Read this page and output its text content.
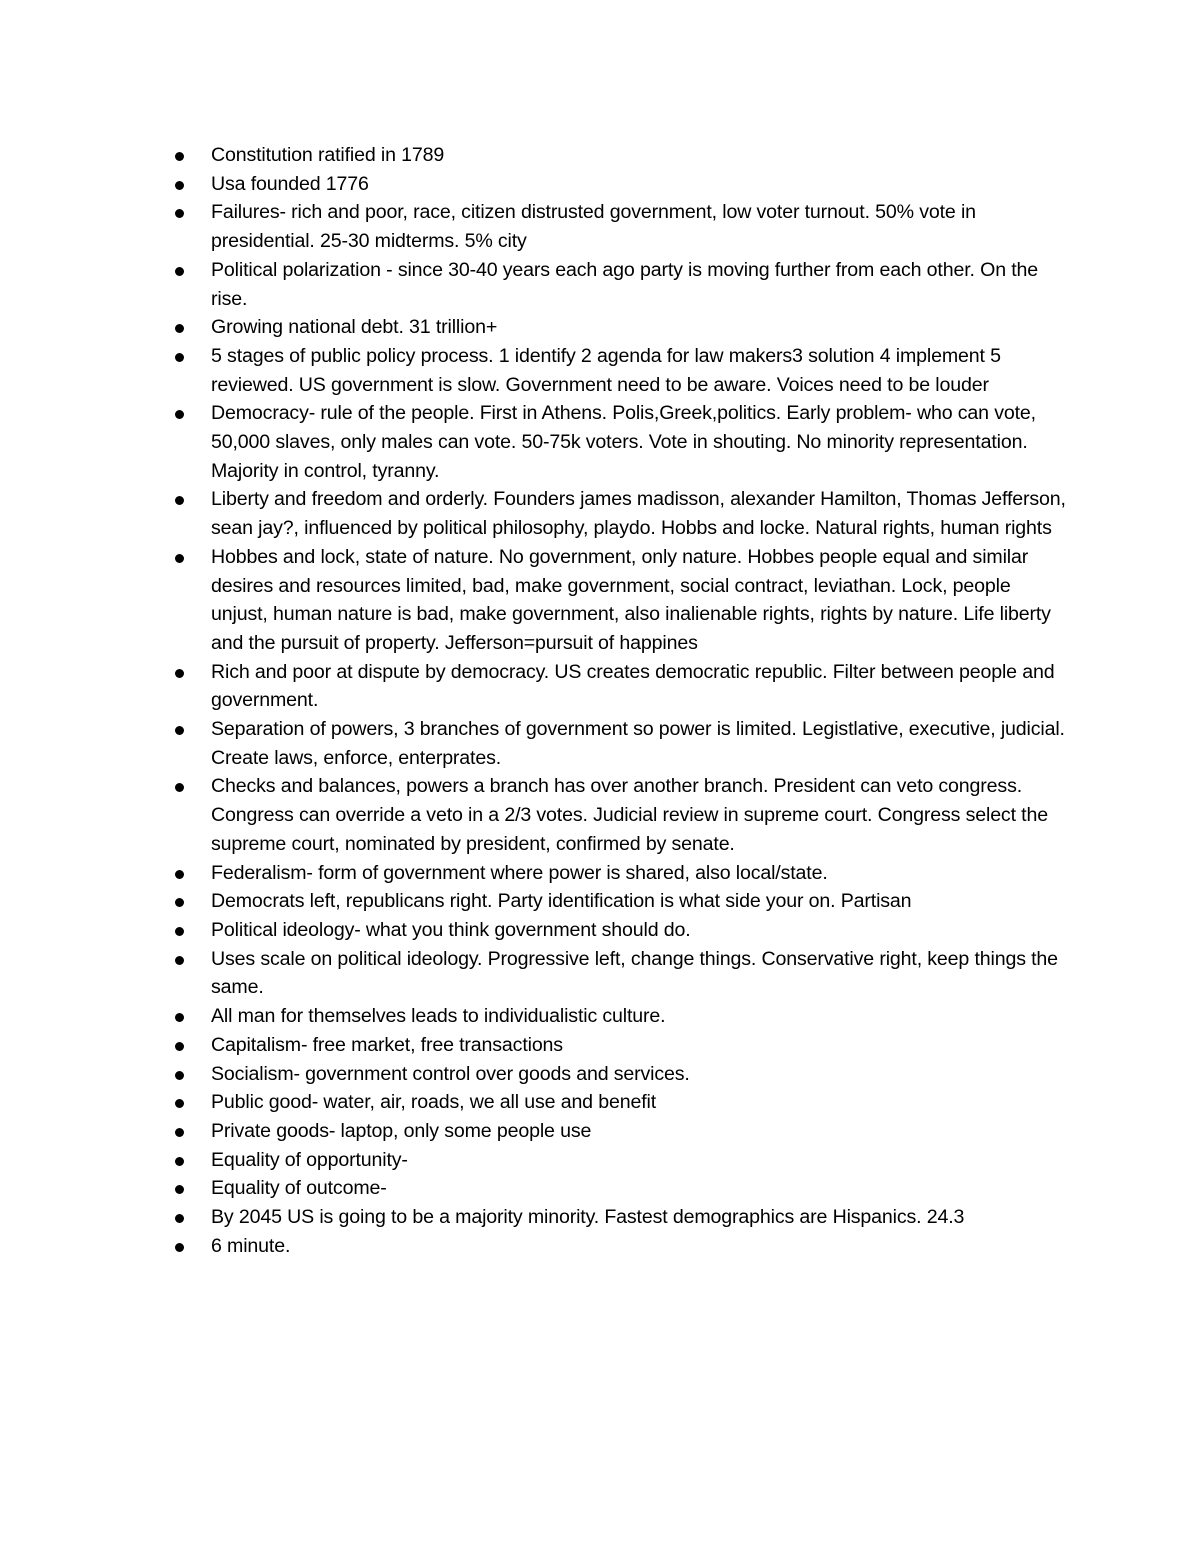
Constitution ratified in 1789
Usa founded 1776
Failures- rich and poor, race, citizen distrusted government, low voter turnout. 50% vote in presidential. 25-30 midterms. 5% city
Political polarization - since 30-40 years each ago party is moving further from each other. On the rise.
Growing national debt. 31 trillion+
5 stages of public policy process. 1 identify 2 agenda for law makers3 solution 4 implement 5 reviewed. US government is slow. Government need to be aware. Voices need to be louder
Democracy- rule of the people. First in Athens. Polis,Greek,politics. Early problem- who can vote, 50,000 slaves, only males can vote. 50-75k voters. Vote in shouting. No minority representation. Majority in control, tyranny.
Liberty and freedom and orderly. Founders james madisson, alexander Hamilton, Thomas Jefferson, sean jay?, influenced by political philosophy, playdo. Hobbs and locke. Natural rights, human rights
Hobbes and lock, state of nature. No government, only nature. Hobbes people equal and similar desires and resources limited, bad, make government, social contract, leviathan. Lock, people unjust, human nature is bad, make government, also inalienable rights, rights by nature. Life liberty and the pursuit of property. Jefferson=pursuit of happines
Rich and poor at dispute by democracy. US creates democratic republic. Filter between people and government.
Separation of powers, 3 branches of government so power is limited. Legistlative, executive, judicial. Create laws, enforce, enterprates.
Checks and balances, powers a branch has over another branch. President can veto congress. Congress can override a veto in a 2/3 votes. Judicial review in supreme court. Congress select the supreme court, nominated by president, confirmed by senate.
Federalism- form of government where power is shared, also local/state.
Democrats left, republicans right. Party identification is what side your on. Partisan
Political ideology- what you think government should do.
Uses scale on political ideology. Progressive left, change things. Conservative right, keep things the same.
All man for themselves leads to individualistic culture.
Capitalism- free market, free transactions
Socialism- government control over goods and services.
Public good- water, air, roads, we all use and benefit
Private goods- laptop, only some people use
Equality of opportunity-
Equality of outcome-
By 2045 US is going to be a majority minority. Fastest demographics are Hispanics. 24.3
6 minute.
